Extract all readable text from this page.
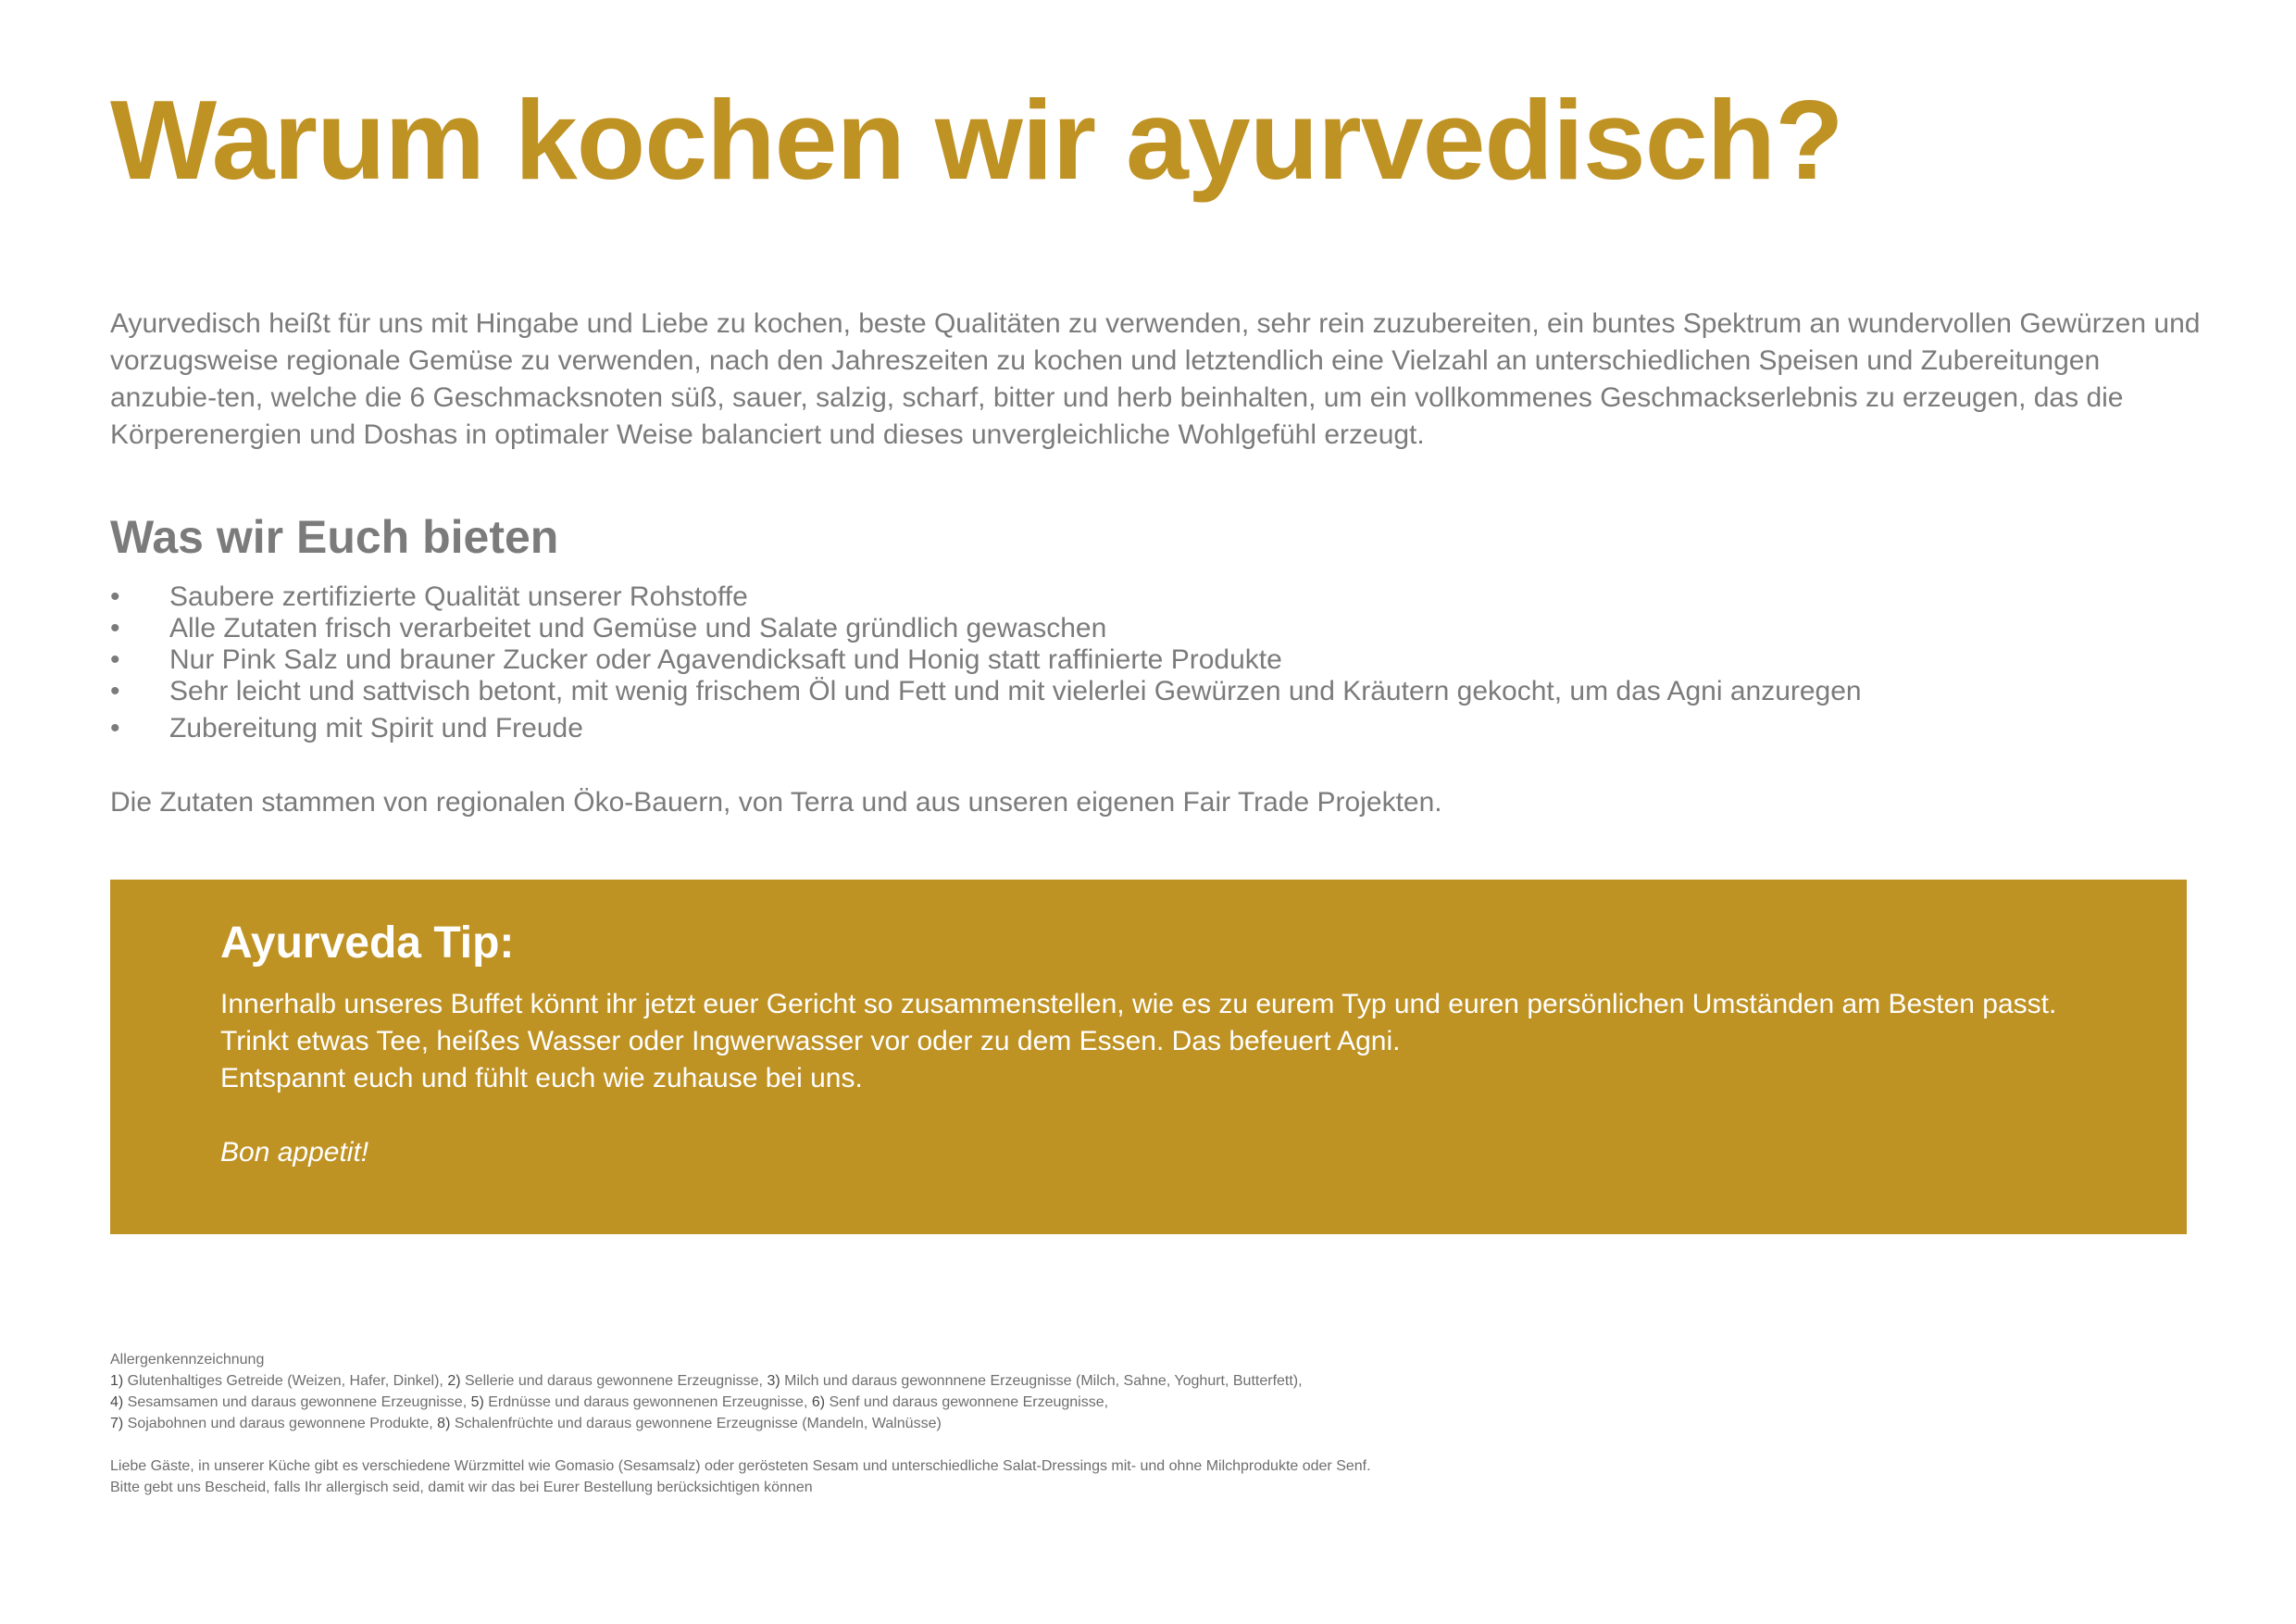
Warum kochen wir ayurvedisch?

Ayurvedisch heißt für uns mit Hingabe und Liebe zu kochen, beste Qualitäten zu verwenden, sehr rein zuzubereiten, ein buntes Spektrum an wundervollen Gewürzen und vorzugsweise regionale Gemüse zu verwenden, nach den Jahreszeiten zu kochen und letztendlich eine Vielzahl an unterschiedlichen Speisen und Zubereitungen anzubie-ten, welche die 6 Geschmacksnoten süß, sauer, salzig, scharf, bitter und herb beinhalten, um ein vollkommenes Geschmackserlebnis zu erzeugen, das die Körperenergien und Doshas in optimaler Weise balanciert und dieses unvergleichliche Wohlgefühl erzeugt.

Was wir Euch bieten
•	Saubere zertifizierte Qualität unserer Rohstoffe
•	Alle Zutaten frisch verarbeitet und Gemüse und Salate gründlich gewaschen
•	Nur Pink Salz und brauner Zucker oder Agavendicksaft und Honig statt raffinierte Produkte
•	Sehr leicht und sattvisch betont, mit wenig frischem Öl und Fett und mit vielerlei Gewürzen und Kräutern gekocht, um das Agni anzuregen
•	Zubereitung mit Spirit und Freude

Die Zutaten stammen von regionalen Öko-Bauern, von Terra und aus unseren eigenen Fair Trade Projekten.

Ayurveda Tip:
Innerhalb unseres Buffet könnt ihr jetzt euer Gericht so zusammenstellen, wie es zu eurem Typ und euren persönlichen Umständen am Besten passt.
Trinkt etwas Tee, heißes Wasser oder Ingwerwasser vor oder zu dem Essen. Das befeuert Agni.
Entspannt euch und fühlt euch wie zuhause bei uns.
Bon appetit!
Allergenkennzeichnung
1) Glutenhaltiges Getreide (Weizen, Hafer, Dinkel), 2) Sellerie und daraus gewonnene Erzeugnisse, 3) Milch und daraus gewonnnene Erzeugnisse (Milch, Sahne, Yoghurt, Butterfett),
4) Sesamsamen und daraus gewonnene Erzeugnisse, 5) Erdnüsse und daraus gewonnenen Erzeugnisse, 6) Senf und daraus gewonnene Erzeugnisse,
7) Sojabohnen und daraus gewonnene Produkte, 8) Schalenfrüchte und daraus gewonnene Erzeugnisse (Mandeln, Walnüsse)
Liebe Gäste, in unserer Küche gibt es verschiedene Würzmittel wie Gomasio (Sesamsalz) oder gerösteten Sesam und unterschiedliche Salat-Dressings mit- und ohne Milchprodukte oder Senf.
Bitte gebt uns Bescheid, falls Ihr allergisch seid, damit wir das bei Eurer Bestellung berücksichtigen können
